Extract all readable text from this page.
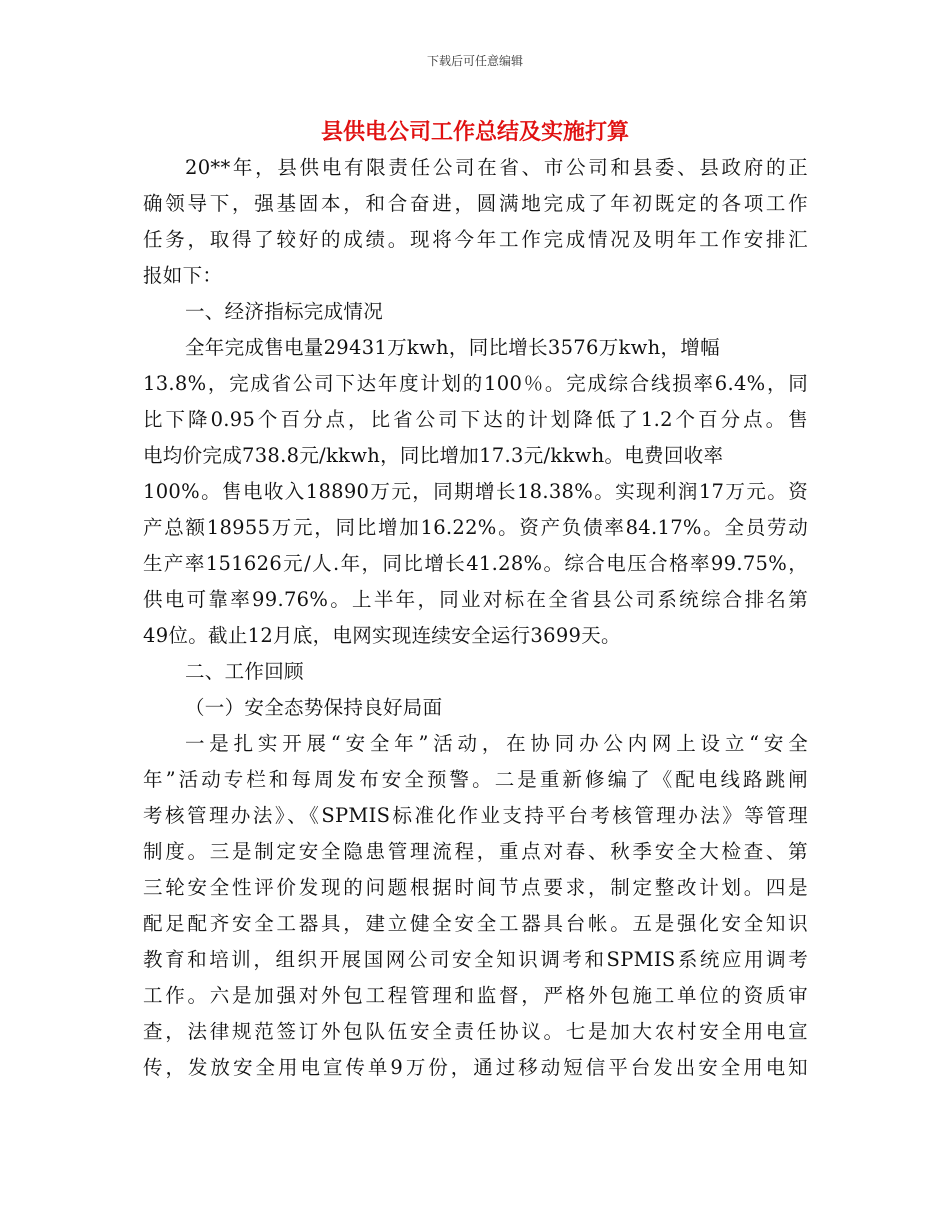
下载后可任意编辑
县供电公司工作总结及实施打算
20**年，县供电有限责任公司在省、市公司和县委、县政府的正
确领导下，强基固本，和合奋进，圆满地完成了年初既定的各项工作
任务，取得了较好的成绩。现将今年工作完成情况及明年工作安排汇
报如下：
一、经济指标完成情况
全年完成售电量29431万kwh，同比增长3576万kwh，增幅
13.8%，完成省公司下达年度计划的100％。完成综合线损率6.4%，同
比下降0.95个百分点，比省公司下达的计划降低了1.2个百分点。售
电均价完成738.8元/kkwh，同比增加17.3元/kkwh。电费回收率
100%。售电收入18890万元，同期增长18.38%。实现利润17万元。资
产总额18955万元，同比增加16.22%。资产负债率84.17%。全员劳动
生产率151626元/人.年，同比增长41.28%。综合电压合格率99.75%，
供电可靠率99.76%。上半年，同业对标在全省县公司系统综合排名第
49位。截止12月底，电网实现连续安全运行3699天。
二、工作回顾
（一）安全态势保持良好局面
一是扎实开展“安全年”活动，在协同办公内网上设立“安全
年”活动专栏和每周发布安全预警。二是重新修编了《配电线路跳闸
考核管理办法》、《SPMIS标准化作业支持平台考核管理办法》等管理
制度。三是制定安全隐患管理流程，重点对春、秋季安全大检查、第
三轮安全性评价发现的问题根据时间节点要求，制定整改计划。四是
配足配齐安全工器具，建立健全安全工器具台帐。五是强化安全知识
教育和培训，组织开展国网公司安全知识调考和SPMIS系统应用调考
工作。六是加强对外包工程管理和监督，严格外包施工单位的资质审
查，法律规范签订外包队伍安全责任协议。七是加大农村安全用电宣
传，发放安全用电宣传单9万份，通过移动短信平台发出安全用电知
